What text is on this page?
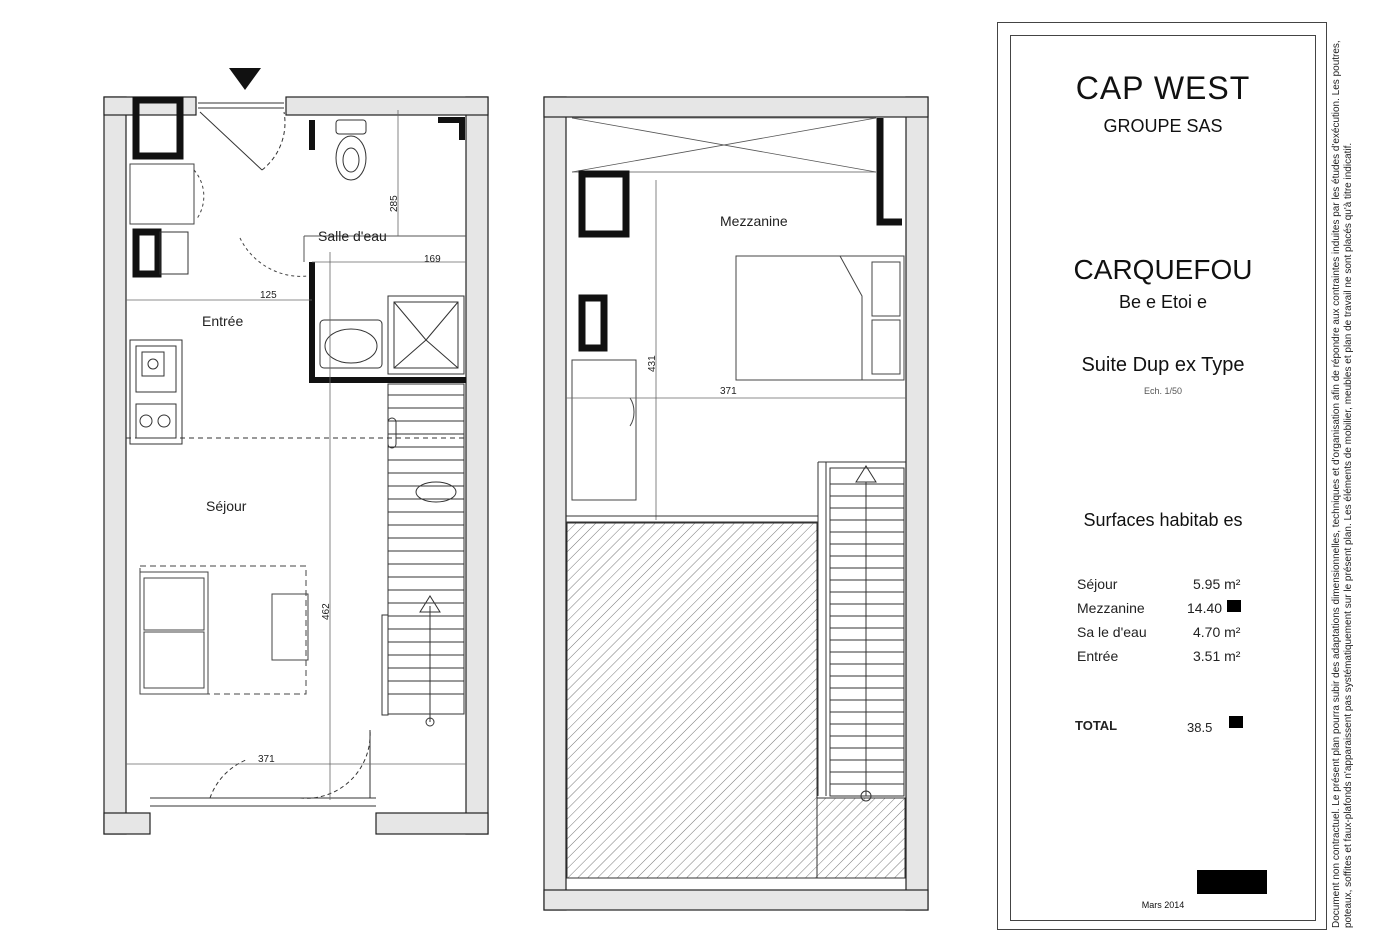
Salle d'eau
Entrée
Séjour
285
169
125
462
371
Mezzanine
431
371
CAP WEST
GROUPE SAS
CARQUEFOU
Be e Etoi e
Suite Dup ex Type
Ech. 1/50
Surfaces habitab es
Séjour	5.95 m²
Mezzanine	14.40
Sa le d'eau	4.70 m²
Entrée	3.51 m²
TOTAL	38.5
Mars 2014	Document non contractuel. Le présent plan pourra subir des adaptations dimensionnelles, techniques et d'organisation afin de répondre aux contraintes induites par les études d'exécution. Les poutres, poteaux, soffites et faux-plafonds n'apparaissent pas systématiquement sur le présent plan. Les éléments de mobilier, meubles et plan de travail ne sont placés qu'à titre indicatif.
